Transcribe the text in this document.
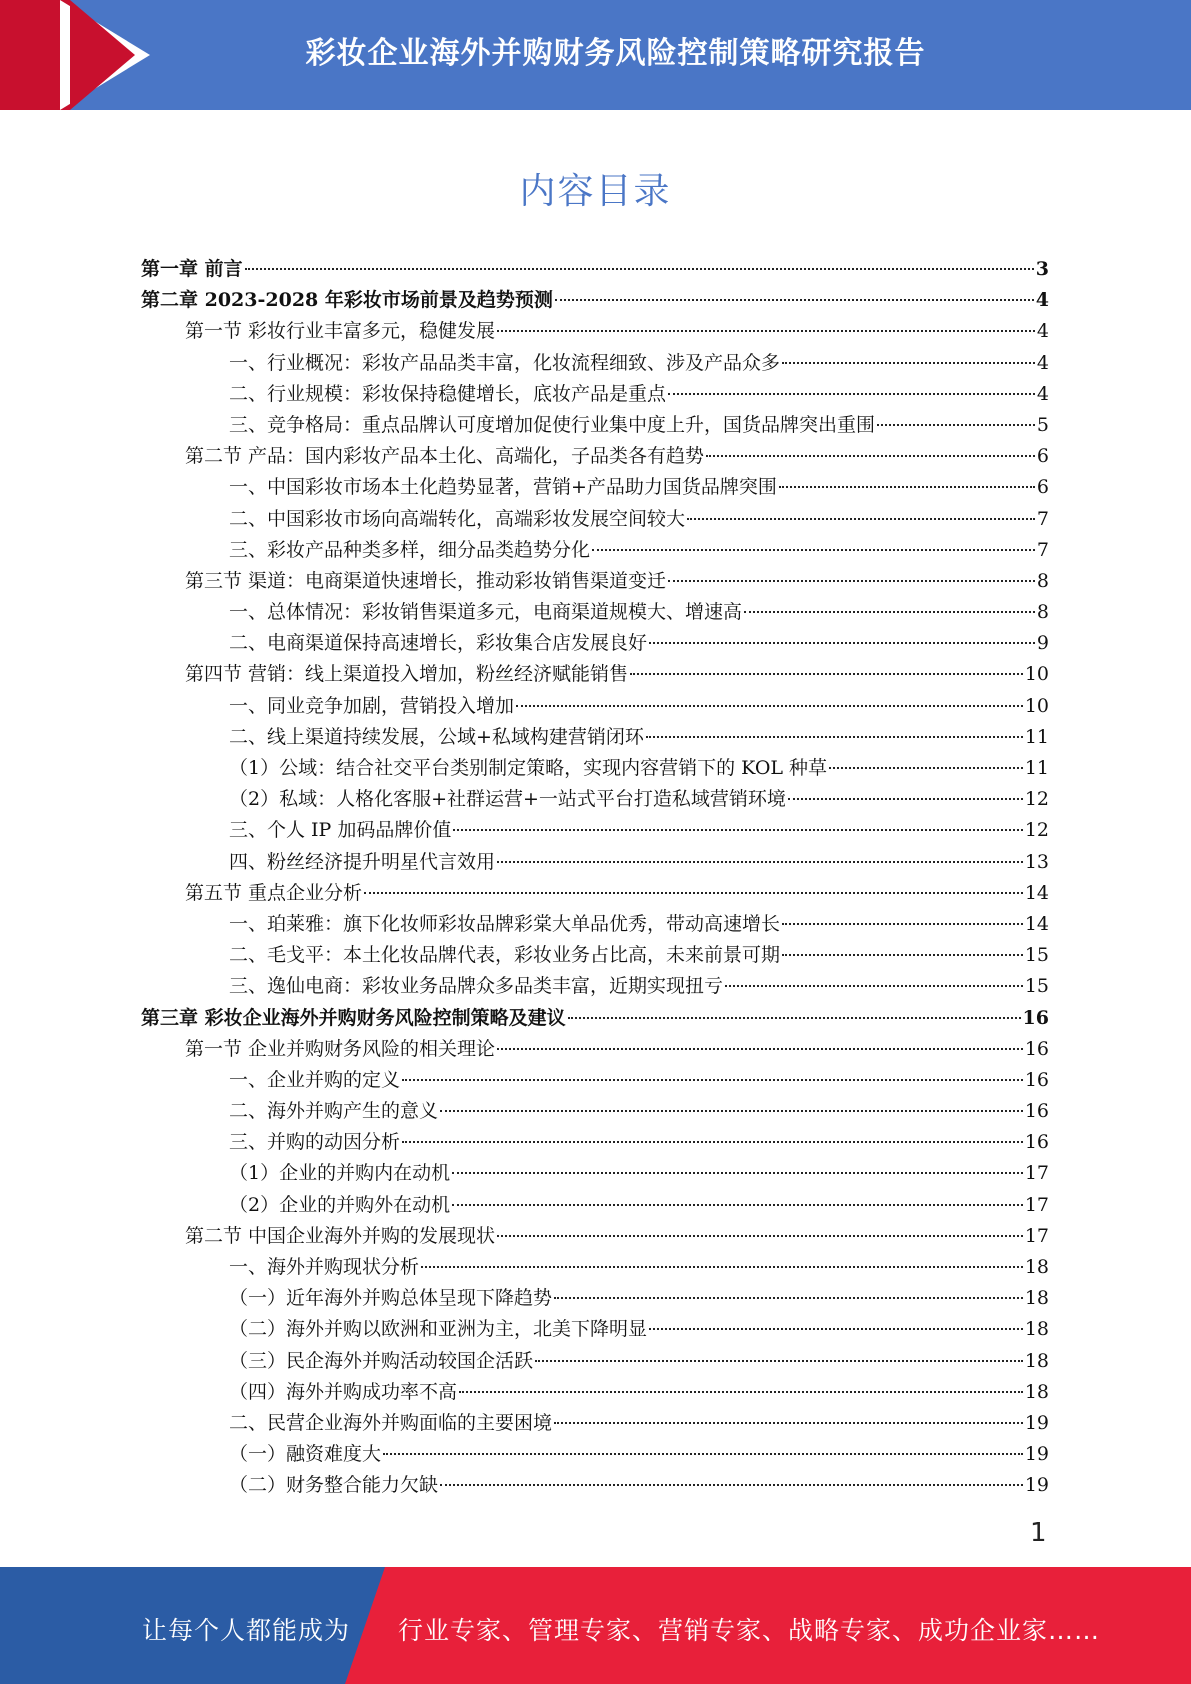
彩妆企业海外并购财务风险控制策略研究报告
内容目录
第一章 前言	3
第二章 2023-2028 年彩妆市场前景及趋势预测	4
第一节 彩妆行业丰富多元，稳健发展	4
一、行业概况：彩妆产品品类丰富，化妆流程细致、涉及产品众多	4
二、行业规模：彩妆保持稳健增长，底妆产品是重点	4
三、竞争格局：重点品牌认可度增加促使行业集中度上升，国货品牌突出重围	5
第二节 产品：国内彩妆产品本土化、高端化，子品类各有趋势	6
一、中国彩妆市场本土化趋势显著，营销+产品助力国货品牌突围	6
二、中国彩妆市场向高端转化，高端彩妆发展空间较大	7
三、彩妆产品种类多样，细分品类趋势分化	7
第三节 渠道：电商渠道快速增长，推动彩妆销售渠道变迁	8
一、总体情况：彩妆销售渠道多元，电商渠道规模大、增速高	8
二、电商渠道保持高速增长，彩妆集合店发展良好	9
第四节 营销：线上渠道投入增加，粉丝经济赋能销售	10
一、同业竞争加剧，营销投入增加	10
二、线上渠道持续发展，公域+私域构建营销闭环	11
（1）公域：结合社交平台类别制定策略，实现内容营销下的 KOL 种草	11
（2）私域：人格化客服+社群运营+一站式平台打造私域营销环境	12
三、个人 IP 加码品牌价值	12
四、粉丝经济提升明星代言效用	13
第五节 重点企业分析	14
一、珀莱雅：旗下化妆师彩妆品牌彩棠大单品优秀，带动高速增长	14
二、毛戈平：本土化妆品牌代表，彩妆业务占比高，未来前景可期	15
三、逸仙电商：彩妆业务品牌众多品类丰富，近期实现扭亏	15
第三章 彩妆企业海外并购财务风险控制策略及建议	16
第一节 企业并购财务风险的相关理论	16
一、企业并购的定义	16
二、海外并购产生的意义	16
三、并购的动因分析	16
（1）企业的并购内在动机	17
（2）企业的并购外在动机	17
第二节 中国企业海外并购的发展现状	17
一、海外并购现状分析	18
（一）近年海外并购总体呈现下降趋势	18
（二）海外并购以欧洲和亚洲为主，北美下降明显	18
（三）民企海外并购活动较国企活跃	18
（四）海外并购成功率不高	18
二、民营企业海外并购面临的主要困境	19
（一）融资难度大	19
（二）财务整合能力欠缺	19
1
让每个人都能成为 行业专家、管理专家、营销专家、战略专家、成功企业家……
